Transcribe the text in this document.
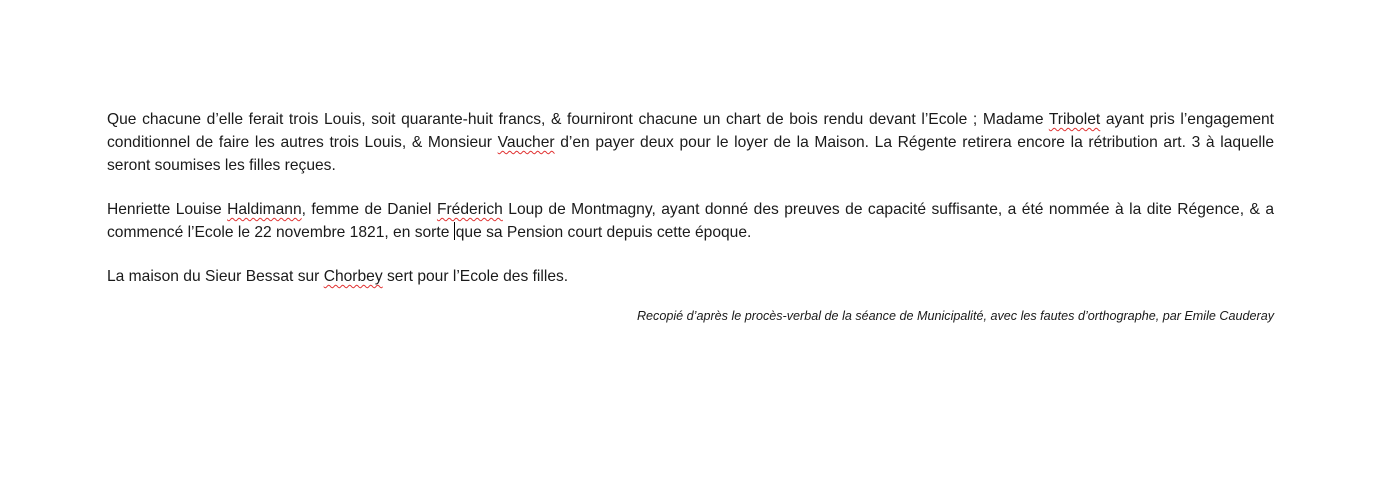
Que chacune d’elle ferait trois Louis, soit quarante-huit francs, & fourniront chacune un chart de bois rendu devant l’Ecole ; Madame Tribolet ayant pris l’engagement conditionnel de faire les autres trois Louis, & Monsieur Vaucher d’en payer deux pour le loyer de la Maison. La Régente retirera encore la rétribution art. 3 à laquelle seront soumises les filles reçues.

Henriette Louise Haldimann, femme de Daniel Fréderich Loup de Montmagny, ayant donné des preuves de capacité suffisante, a été nommée à la dite Régence, & a commencé l’Ecole le 22 novembre 1821, en sorte que sa Pension court depuis cette époque.

La maison du Sieur Bessat sur Chorbey sert pour l’Ecole des filles.

Recopié d’après le procès-verbal de la séance de Municipalité, avec les fautes d’orthographe, par Emile Cauderay
